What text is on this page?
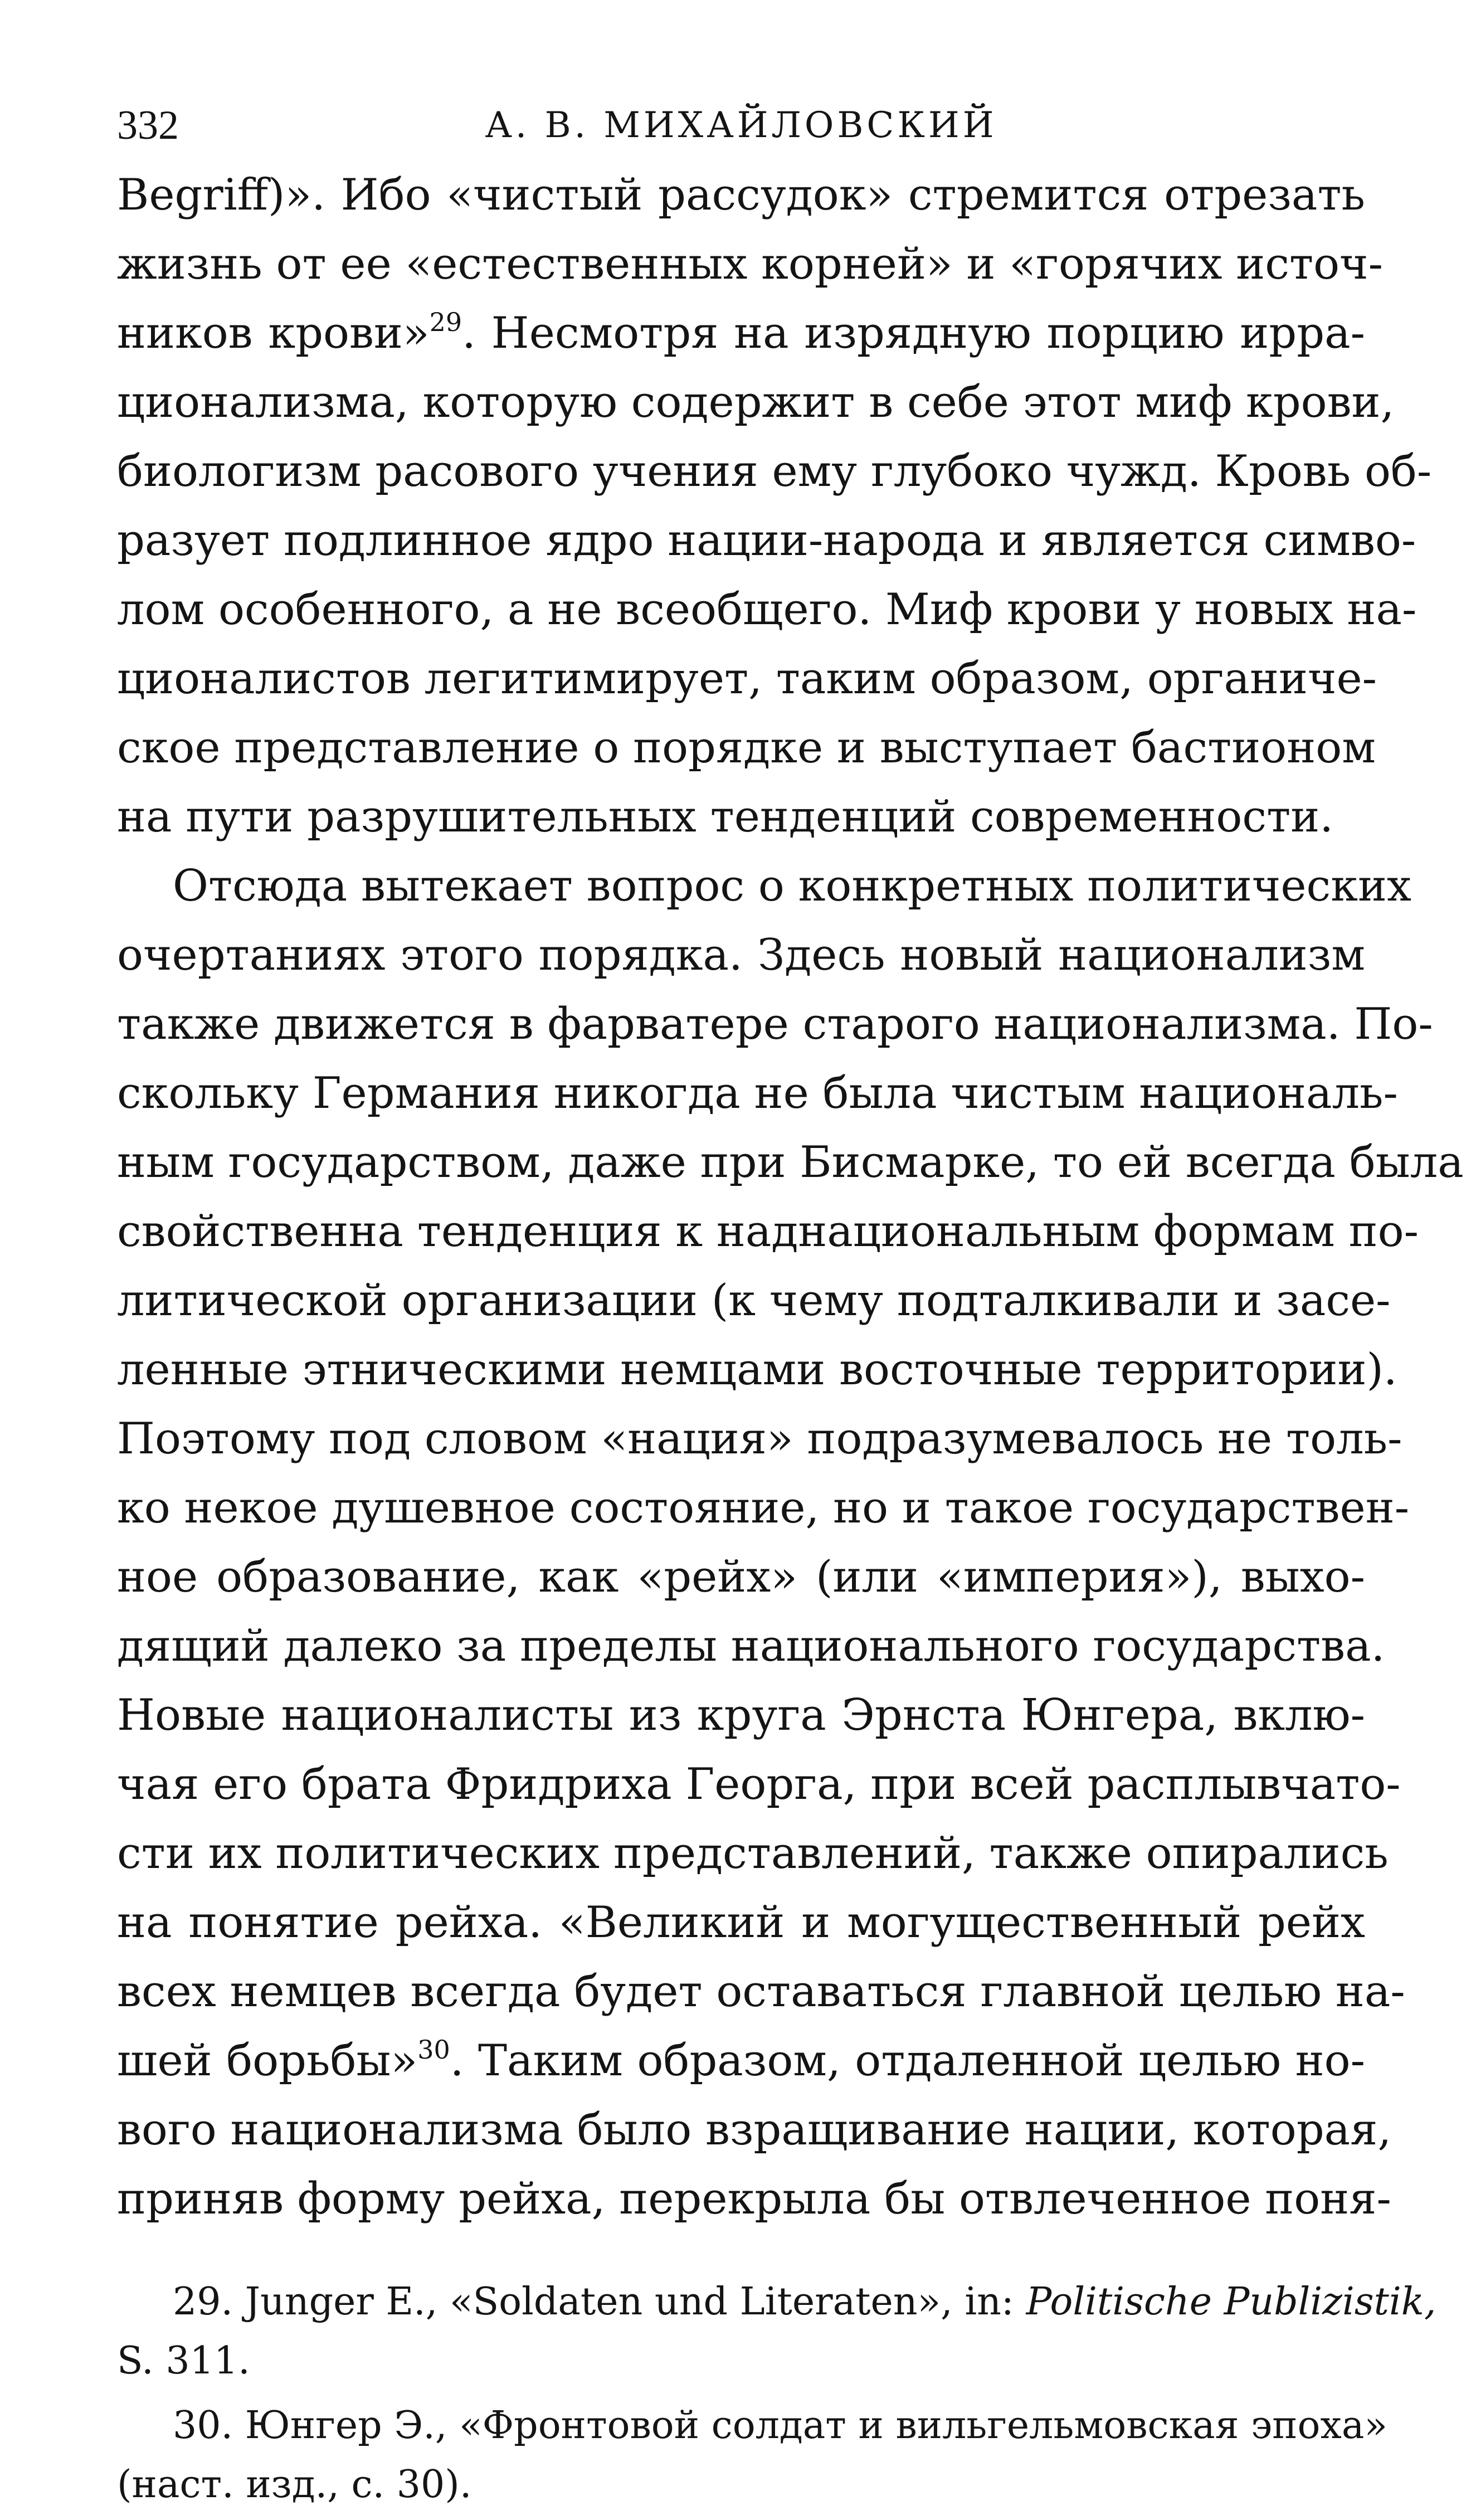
332	А. В. МИХАЙЛОВСКИЙ

Begriff)». Ибо «чистый рассудок» стремится отрезать
жизнь от ее «естественных корней» и «горячих источ-
ников крови»$^{29}$. Несмотря на изрядную порцию ирра-
ционализма, которую содержит в себе этот миф крови,
биологизм расового учения ему глубоко чужд. Кровь об-
разует подлинное ядро нации-народа и является симво-
лом особенного, а не всеобщего. Миф крови у новых на-
ционалистов легитимирует, таким образом, органиче-
ское представление о порядке и выступает бастионом
на пути разрушительных тенденций современности.

Отсюда вытекает вопрос о конкретных политических
очертаниях этого порядка. Здесь новый национализм
также движется в фарватере старого национализма. По-
скольку Германия никогда не была чистым националь-
ным государством, даже при Бисмарке, то ей всегда была
свойственна тенденция к наднациональным формам по-
литической организации (к чему подталкивали и засе-
ленные этническими немцами восточные территории).
Поэтому под словом «нация» подразумевалось не толь-
ко некое душевное состояние, но и такое государствен-
ное образование, как «рейх» (или «империя»), выхо-
дящий далеко за пределы национального государства.
Новые националисты из круга Эрнста Юнгера, вклю-
чая его брата Фридриха Георга, при всей расплывчато-
сти их политических представлений, также опирались
на понятие рейха. «Великий и могущественный рейх
всех немцев всегда будет оставаться главной целью на-
шей борьбы»$^{30}$. Таким образом, отдаленной целью но-
вого национализма было взращивание нации, которая,
приняв форму рейха, перекрыла бы отвлеченное поня-

29. Junger E., «Soldaten und Literaten», in: Politische Publizistik,
S. 311.

30. Юнгер Э., «Фронтовой солдат и вильгельмовская эпоха»
(наст. изд., с. 30).
